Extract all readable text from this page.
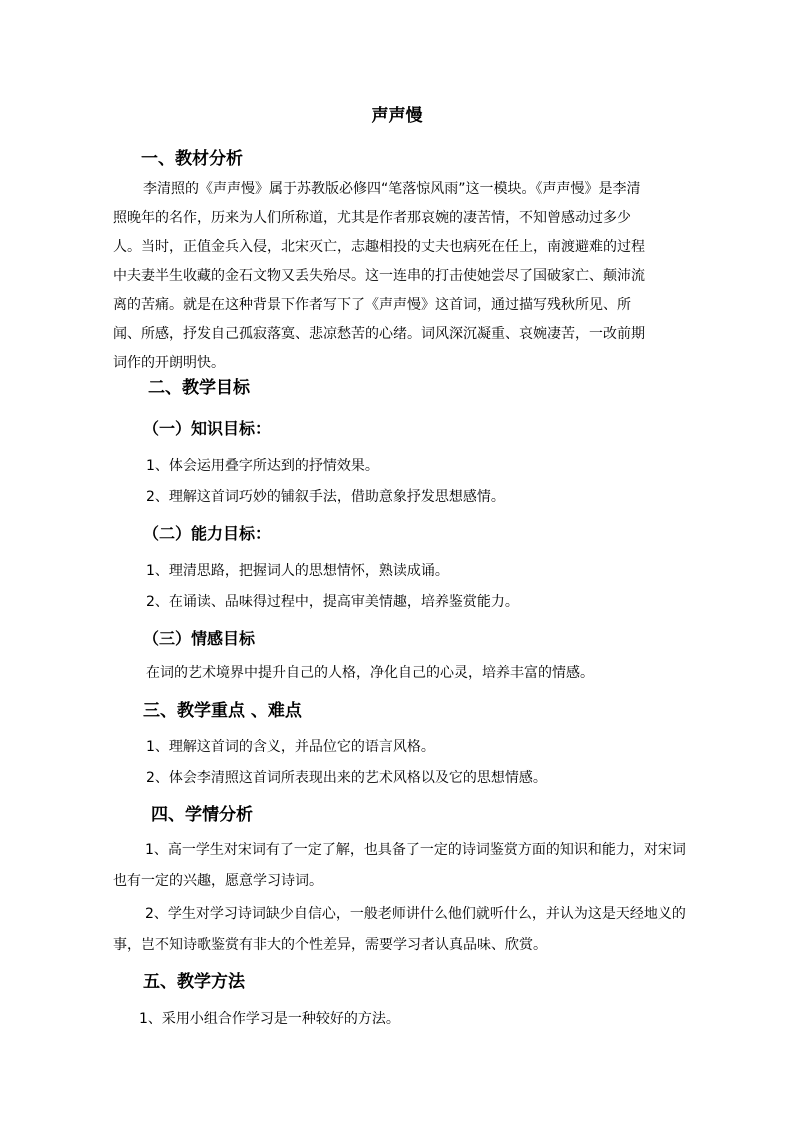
声声慢
一、教材分析
李清照的《声声慢》属于苏教版必修四“笔落惊风雨”这一模块。《声声慢》是李清照晚年的名作，历来为人们所称道，尤其是作者那哀婉的凄苦情，不知曾感动过多少人。当时，正值金兵入侵，北宋灭亡，志趣相投的丈夫也病死在任上，南渡避难的过程中夫妻半生收藏的金石文物又丢失殆尽。这一连串的打击使她尝尽了国破家亡、颠沛流离的苦痛。就是在这种背景下作者写下了《声声慢》这首词，通过描写残秋所见、所闻、所感，抒发自己孤寂落寞、悲凉愁苦的心绪。词风深沉凝重、哀婉凄苦，一改前期词作的开朗明快。
二、教学目标
（一）知识目标：
1、体会运用叠字所达到的抒情效果。
2、理解这首词巧妙的铺叙手法，借助意象抒发思想感情。
（二）能力目标：
1、理清思路，把握词人的思想情怀，熟读成诵。
2、在诵读、品味得过程中，提高审美情趣，培养鉴赏能力。
（三）情感目标
在词的艺术境界中提升自己的人格，净化自己的心灵，培养丰富的情感。
三、教学重点 、难点
1、理解这首词的含义，并品位它的语言风格。
2、体会李清照这首词所表现出来的艺术风格以及它的思想情感。
四、学情分析
1、高一学生对宋词有了一定了解，也具备了一定的诗词鉴赏方面的知识和能力，对宋词
也有一定的兴趣，愿意学习诗词。
2、学生对学习诗词缺少自信心，一般老师讲什么他们就听什么，并认为这是天经地义的
事，岂不知诗歌鉴赏有非大的个性差异，需要学习者认真品味、欣赏。
五、教学方法
1、采用小组合作学习是一种较好的方法。
